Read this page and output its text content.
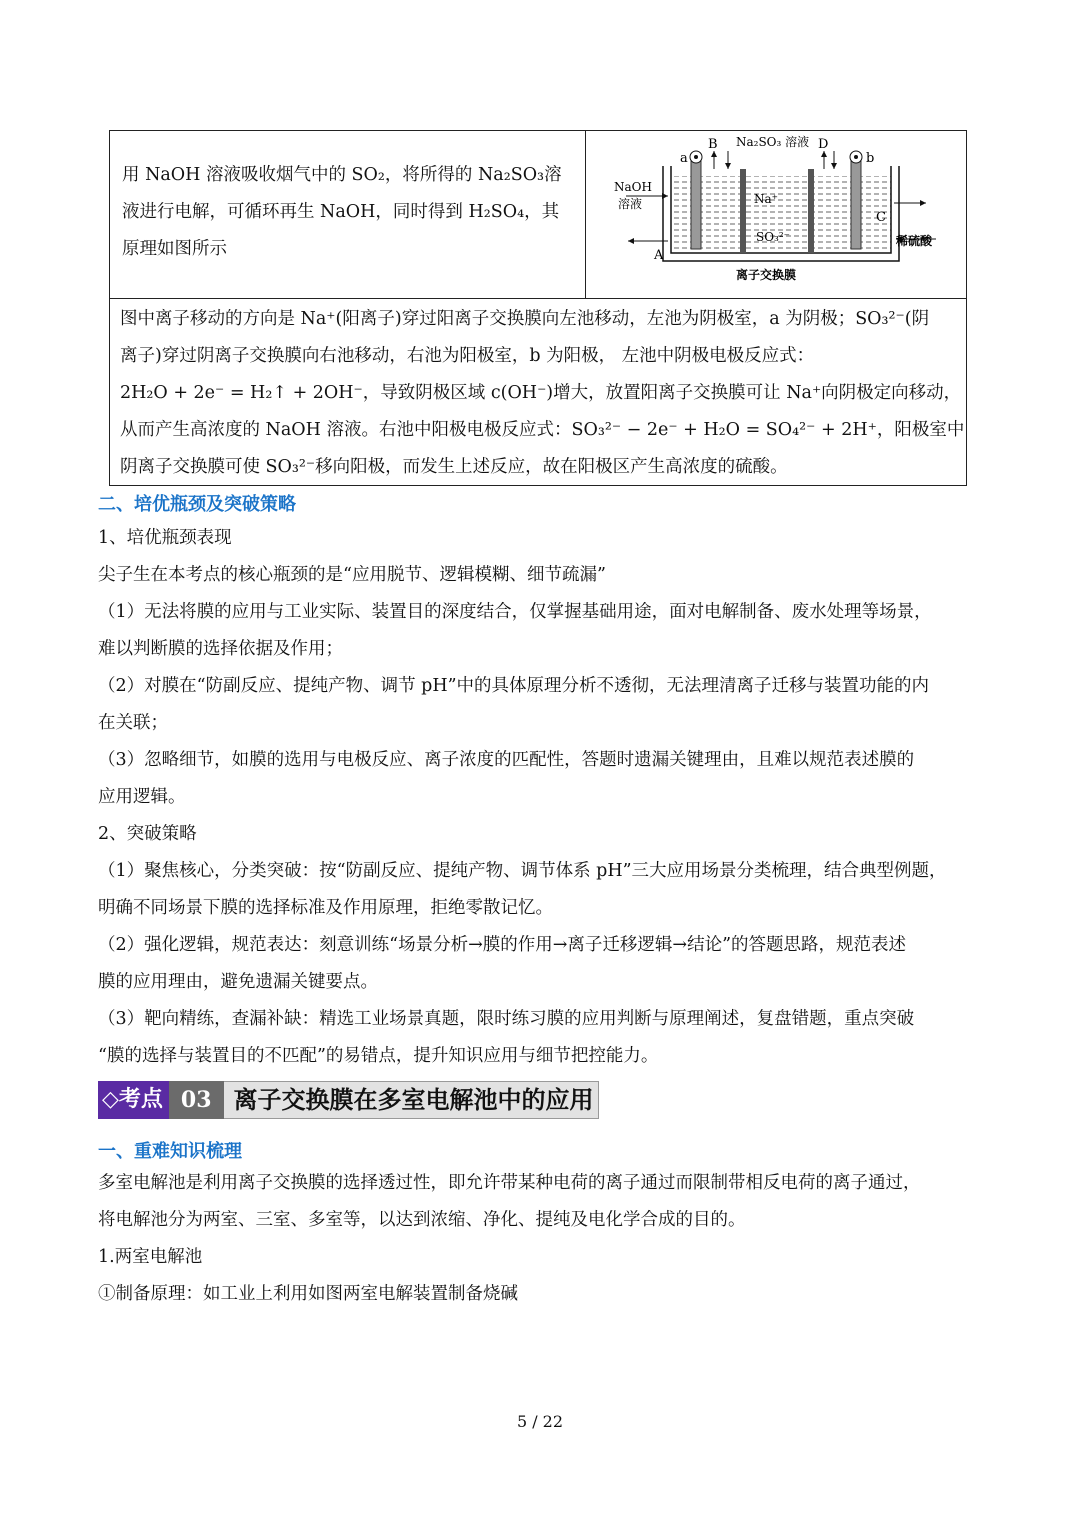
用 NaOH 溶液吸收烟气中的 SO₂，将所得的 Na₂SO₃溶
液进行电解，可循环再生 NaOH，同时得到 H₂SO₄，其
原理如图所示

a	b
B	D
Na₂SO₃ 溶液
NaOH
溶液	Na⁺
SO₃²⁻
A
C
稀硫酸
离子交换膜

图中离子移动的方向是 Na⁺(阳离子)穿过阳离子交换膜向左池移动，左池为阴极室，a 为阴极；SO₃²⁻(阴
离子)穿过阴离子交换膜向右池移动，右池为阳极室，b 为阳极， 左池中阴极电极反应式：
2H₂O + 2e⁻ = H₂↑ + 2OH⁻，导致阴极区域 c(OH⁻)增大，放置阳离子交换膜可让 Na⁺向阴极定向移动，
从而产生高浓度的 NaOH 溶液。右池中阳极电极反应式：SO₃²⁻ − 2e⁻ + H₂O = SO₄²⁻ + 2H⁺，阳极室中
阴离子交换膜可使 SO₃²⁻移向阳极，而发生上述反应，故在阳极区产生高浓度的硫酸。

二、培优瓶颈及突破策略

1、培优瓶颈表现

尖子生在本考点的核心瓶颈的是“应用脱节、逻辑模糊、细节疏漏”

（1）无法将膜的应用与工业实际、装置目的深度结合，仅掌握基础用途，面对电解制备、废水处理等场景，
难以判断膜的选择依据及作用；

（2）对膜在“防副反应、提纯产物、调节 pH”中的具体原理分析不透彻，无法理清离子迁移与装置功能的内
在关联；

（3）忽略细节，如膜的选用与电极反应、离子浓度的匹配性，答题时遗漏关键理由，且难以规范表述膜的
应用逻辑。

2、突破策略

（1）聚焦核心，分类突破：按“防副反应、提纯产物、调节体系 pH”三大应用场景分类梳理，结合典型例题，
明确不同场景下膜的选择标准及作用原理，拒绝零散记忆。

（2）强化逻辑，规范表达：刻意训练“场景分析→膜的作用→离子迁移逻辑→结论”的答题思路，规范表述
膜的应用理由，避免遗漏关键要点。

（3）靶向精练，查漏补缺：精选工业场景真题，限时练习膜的应用判断与原理阐述，复盘错题，重点突破
“膜的选择与装置目的不匹配”的易错点，提升知识应用与细节把控能力。

◇考点 03 离子交换膜在多室电解池中的应用
一、重难知识梳理

多室电解池是利用离子交换膜的选择透过性，即允许带某种电荷的离子通过而限制带相反电荷的离子通过，
将电解池分为两室、三室、多室等，以达到浓缩、净化、提纯及电化学合成的目的。

1.两室电解池

①制备原理：如工业上利用如图两室电解装置制备烧碱

5 / 22
